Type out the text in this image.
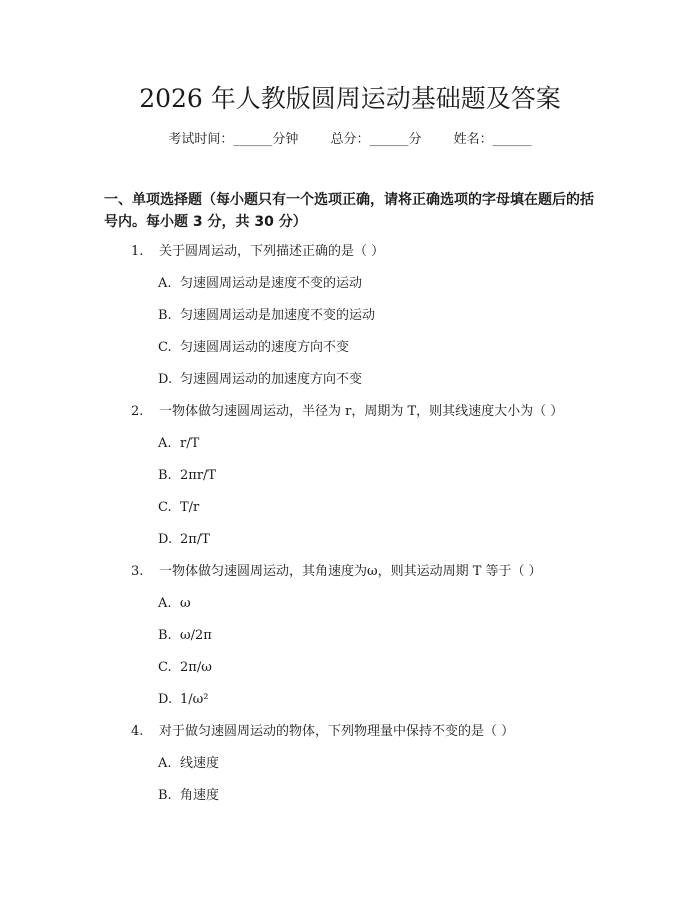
2026 年人教版圆周运动基础题及答案
考试时间：______分钟 总分：______分 姓名：______
一、单项选择题（每小题只有一个选项正确，请将正确选项的字母填在题后的括号内。每小题 3 分，共 30 分）
1. 关于圆周运动，下列描述正确的是（ ）
A. 匀速圆周运动是速度不变的运动
B. 匀速圆周运动是加速度不变的运动
C. 匀速圆周运动的速度方向不变
D. 匀速圆周运动的加速度方向不变
2. 一物体做匀速圆周运动，半径为 r，周期为 T，则其线速度大小为（ ）
A. r/T
B. 2πr/T
C. T/r
D. 2π/T
3. 一物体做匀速圆周运动，其角速度为ω，则其运动周期 T 等于（ ）
A. ω
B. ω/2π
C. 2π/ω
D. 1/ω²
4. 对于做匀速圆周运动的物体，下列物理量中保持不变的是（ ）
A. 线速度
B. 角速度
